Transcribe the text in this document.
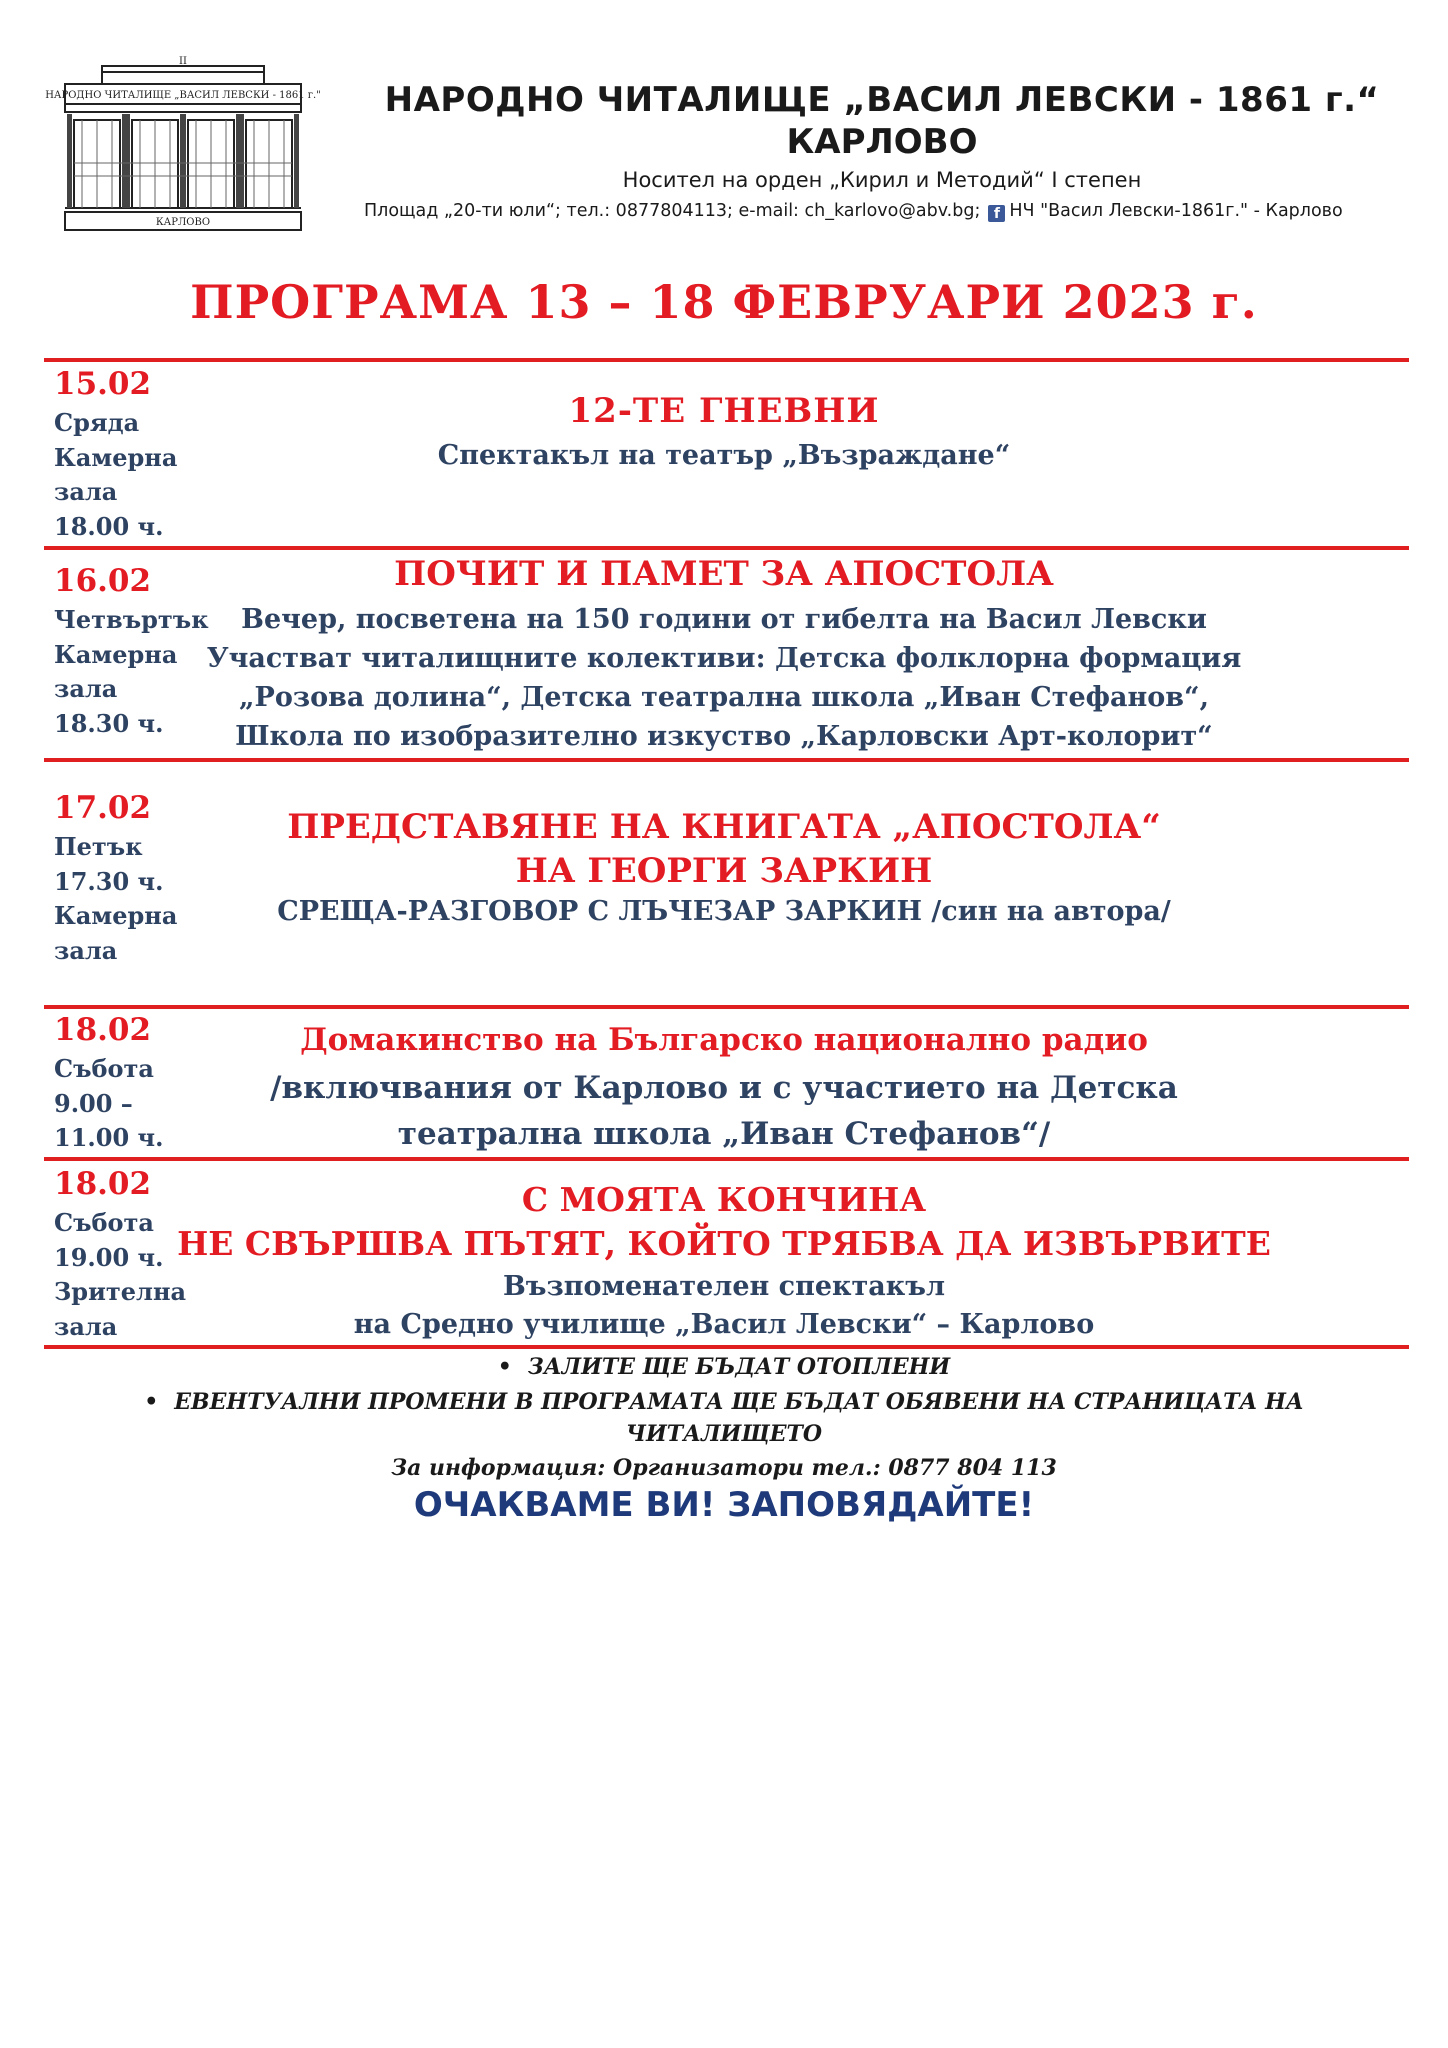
II
НАРОДНО ЧИТАЛИЩЕ „ВАСИЛ ЛЕВСКИ - 1861 г."
КАРЛОВО
НАРОДНО ЧИТАЛИЩЕ „ВАСИЛ ЛЕВСКИ - 1861 г.“
КАРЛОВО
Носител на орден „Кирил и Методий“ I степен
Площад „20-ти юли“; тел.: 0877804113; e-mail: ch_karlovo@abv.bg; f НЧ "Васил Левски-1861г." - Карлово
ПРОГРАМА 13 – 18 ФЕВРУАРИ 2023 г.
15.02
Сряда
Камерна
зала
18.00 ч.
12-ТЕ ГНЕВНИ
Спектакъл на театър „Възраждане“
16.02
Четвъртък
Камерна
зала
18.30 ч.
ПОЧИТ И ПАМЕТ ЗА АПОСТОЛА
Вечер, посветена на 150 години от гибелта на Васил Левски
Участват читалищните колективи: Детска фолклорна формация
„Розова долина“, Детска театрална школа „Иван Стефанов“,
Школа по изобразително изкуство „Карловски Арт-колорит“
17.02
Петък
17.30 ч.
Камерна
зала
ПРЕДСТАВЯНЕ НА КНИГАТА „АПОСТОЛА“
НА ГЕОРГИ ЗАРКИН
СРЕЩА-РАЗГОВОР С ЛЪЧЕЗАР ЗАРКИН /син на автора/
18.02
Събота
9.00 –
11.00 ч.
Домакинство на Българско национално радио
/включвания от Карлово и с участието на Детска
театрална школа „Иван Стефанов“/
18.02
Събота
19.00 ч.
Зрителна
зала
С МОЯТА КОНЧИНА
НЕ СВЪРШВА ПЪТЯТ, КОЙТО ТРЯБВА ДА ИЗВЪРВИТЕ
Възпоменателен спектакъл
на Средно училище „Васил Левски“ – Карлово
• ЗАЛИТЕ ЩЕ БЪДАТ ОТОПЛЕНИ
• ЕВЕНТУАЛНИ ПРОМЕНИ В ПРОГРАМАТА ЩЕ БЪДАТ ОБЯВЕНИ НА СТРАНИЦАТА НА
ЧИТАЛИЩЕТО
За информация: Организатори тел.: 0877 804 113
ОЧАКВАМЕ ВИ! ЗАПОВЯДАЙТЕ!
